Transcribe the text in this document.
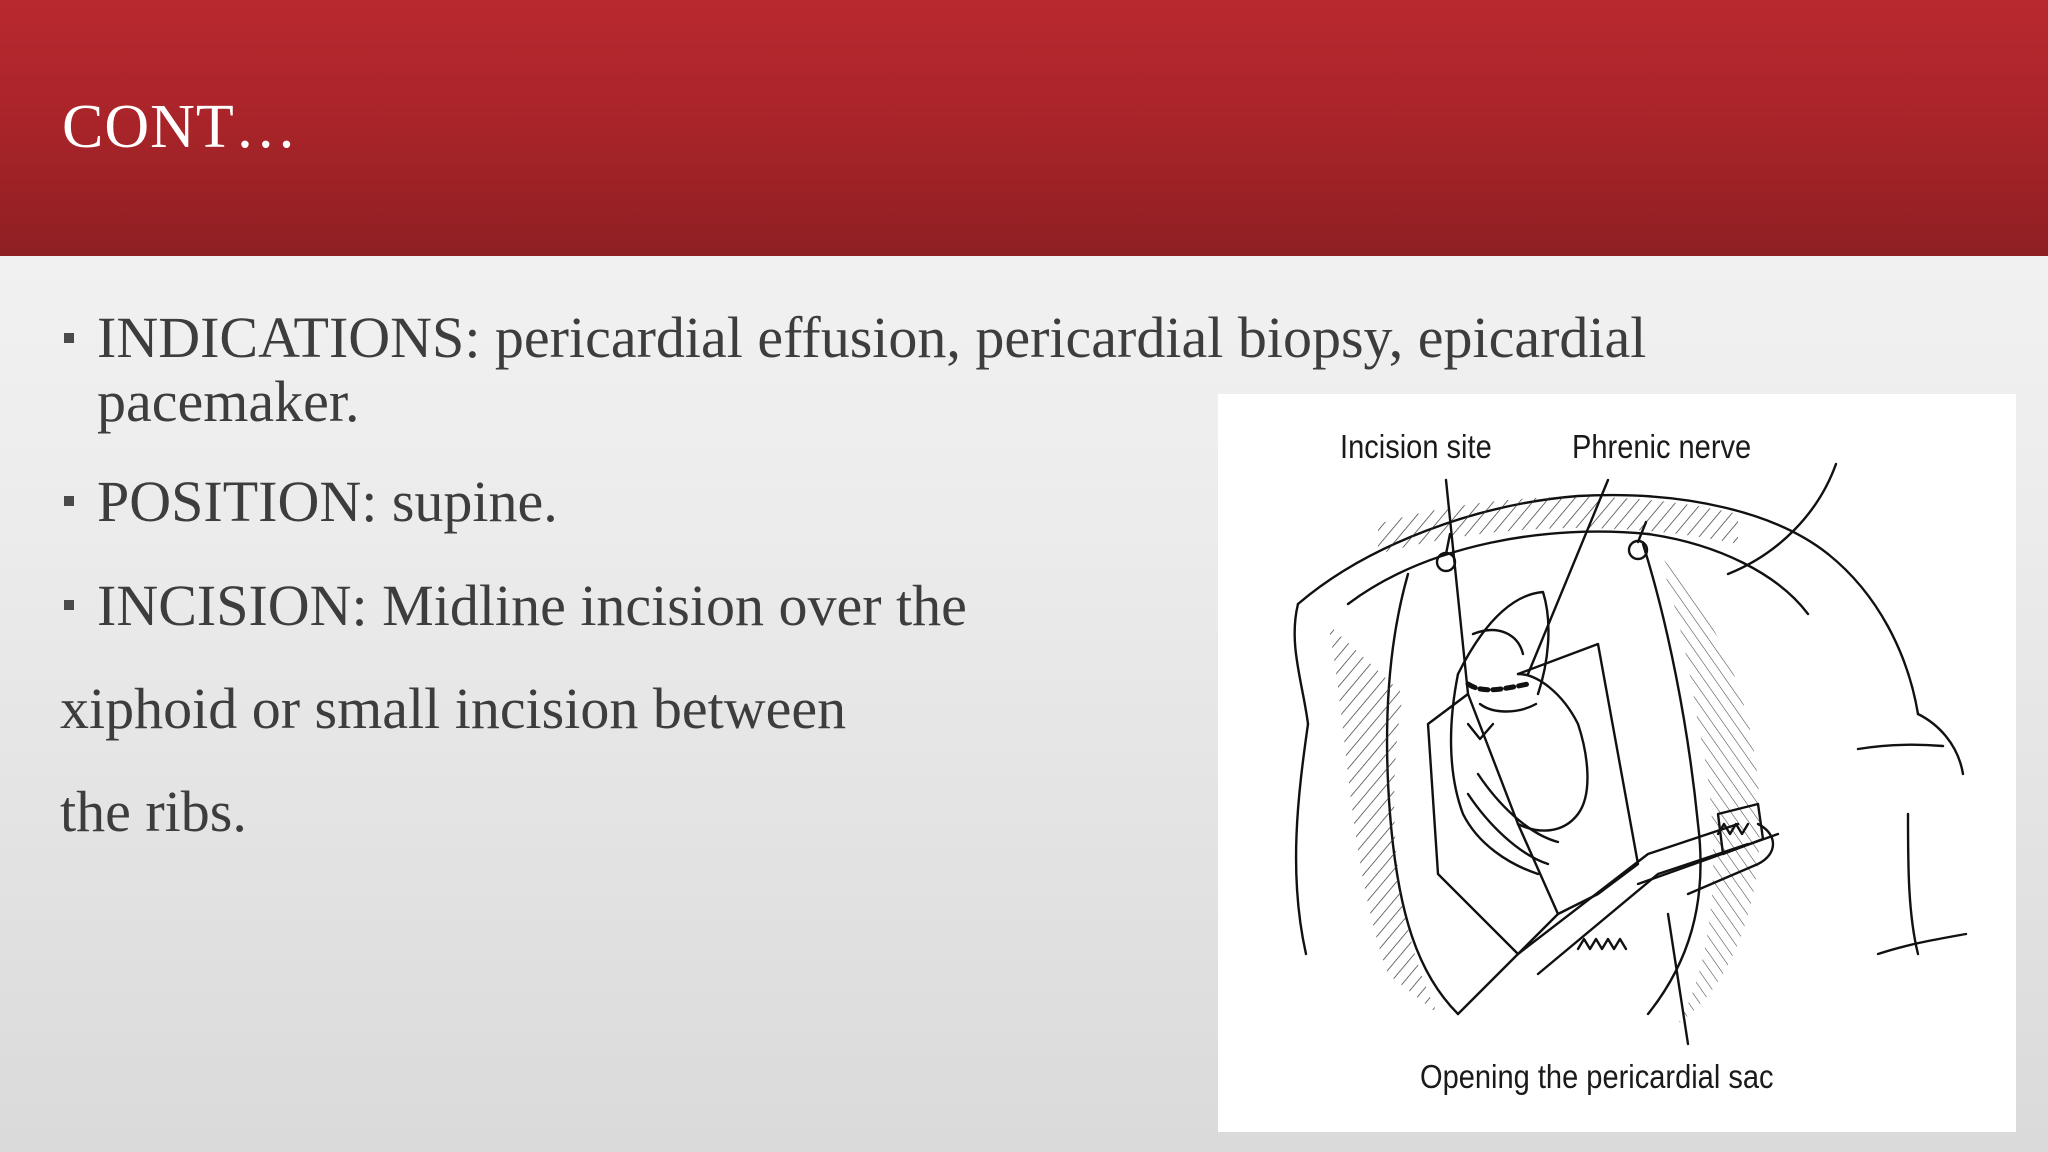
CONT…
INDICATIONS: pericardial effusion, pericardial biopsy, epicardial
pacemaker.
POSITION: supine.
INCISION: Midline incision over the
xiphoid or small incision between
the ribs.
Incision site Phrenic nerve
Opening the pericardial sac
